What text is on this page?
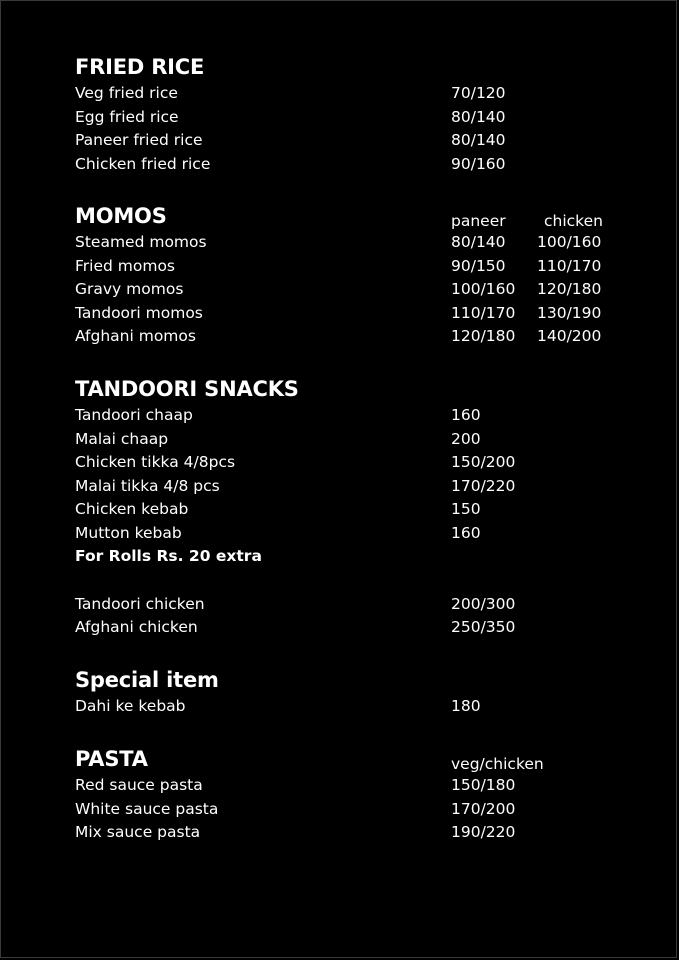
FRIED RICE
Veg fried rice	70/120
Egg fried rice	80/140
Paneer fried rice	80/140
Chicken fried rice	90/160
MOMOS	paneer chicken
Steamed momos	80/140 100/160
Fried momos	90/150 110/170
Gravy momos	100/160 120/180
Tandoori momos	110/170 130/190
Afghani momos	120/180 140/200
TANDOORI SNACKS
Tandoori chaap	160
Malai chaap	200
Chicken tikka 4/8pcs	150/200
Malai tikka 4/8 pcs	170/220
Chicken kebab	150
Mutton kebab	160
For Rolls Rs. 20 extra
Tandoori chicken	200/300
Afghani chicken	250/350
Special item
Dahi ke kebab	180
PASTA	veg/chicken
Red sauce pasta	150/180
White sauce pasta	170/200
Mix sauce pasta	190/220
